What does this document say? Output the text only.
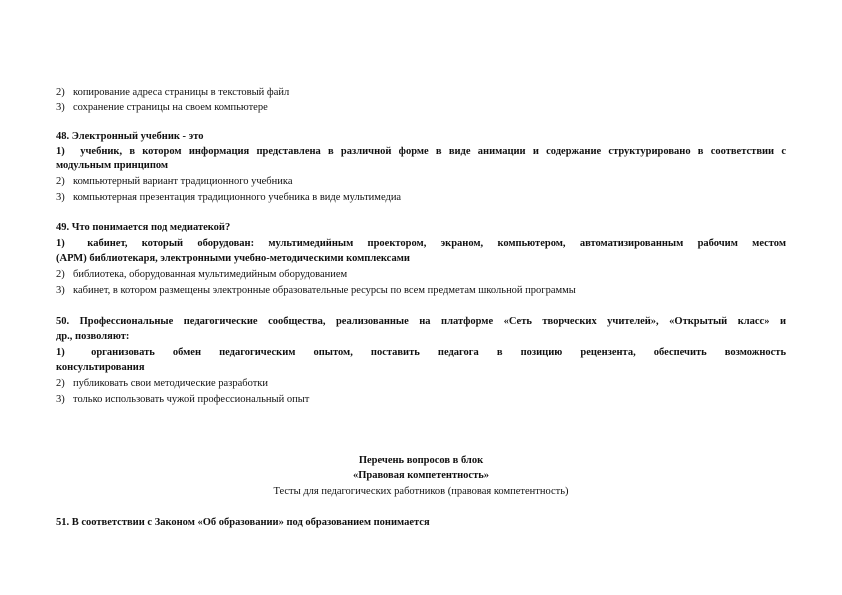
2) копирование адреса страницы в текстовый файл
3) сохранение страницы на своем компьютере
48. Электронный учебник - это
1) учебник, в котором информация представлена в различной форме в виде анимации и содержание структурировано в соответствии с
модульным принципом
2) компьютерный вариант традиционного учебника
3) компьютерная презентация традиционного учебника в виде мультимедиа
49. Что понимается под медиатекой?
1) кабинет, который оборудован: мультимедийным проектором, экраном, компьютером, автоматизированным рабочим местом
(АРМ) библиотекаря, электронными учебно-методическими комплексами
2) библиотека, оборудованная мультимедийным оборудованием
3) кабинет, в котором размещены электронные образовательные ресурсы по всем предметам школьной программы
50. Профессиональные педагогические сообщества, реализованные на платформе «Сеть творческих учителей», «Открытый класс» и
др., позволяют:
1)	организовать обмен педагогическим опытом, поставить педагога в позицию рецензента, обеспечить возможность
консультирования
2) публиковать свои методические разработки
3) только использовать чужой профессиональный опыт
Перечень вопросов в блок
«Правовая компетентность»
Тесты для педагогических работников (правовая компетентность)
51. В соответствии с Законом «Об образовании» под образованием понимается
